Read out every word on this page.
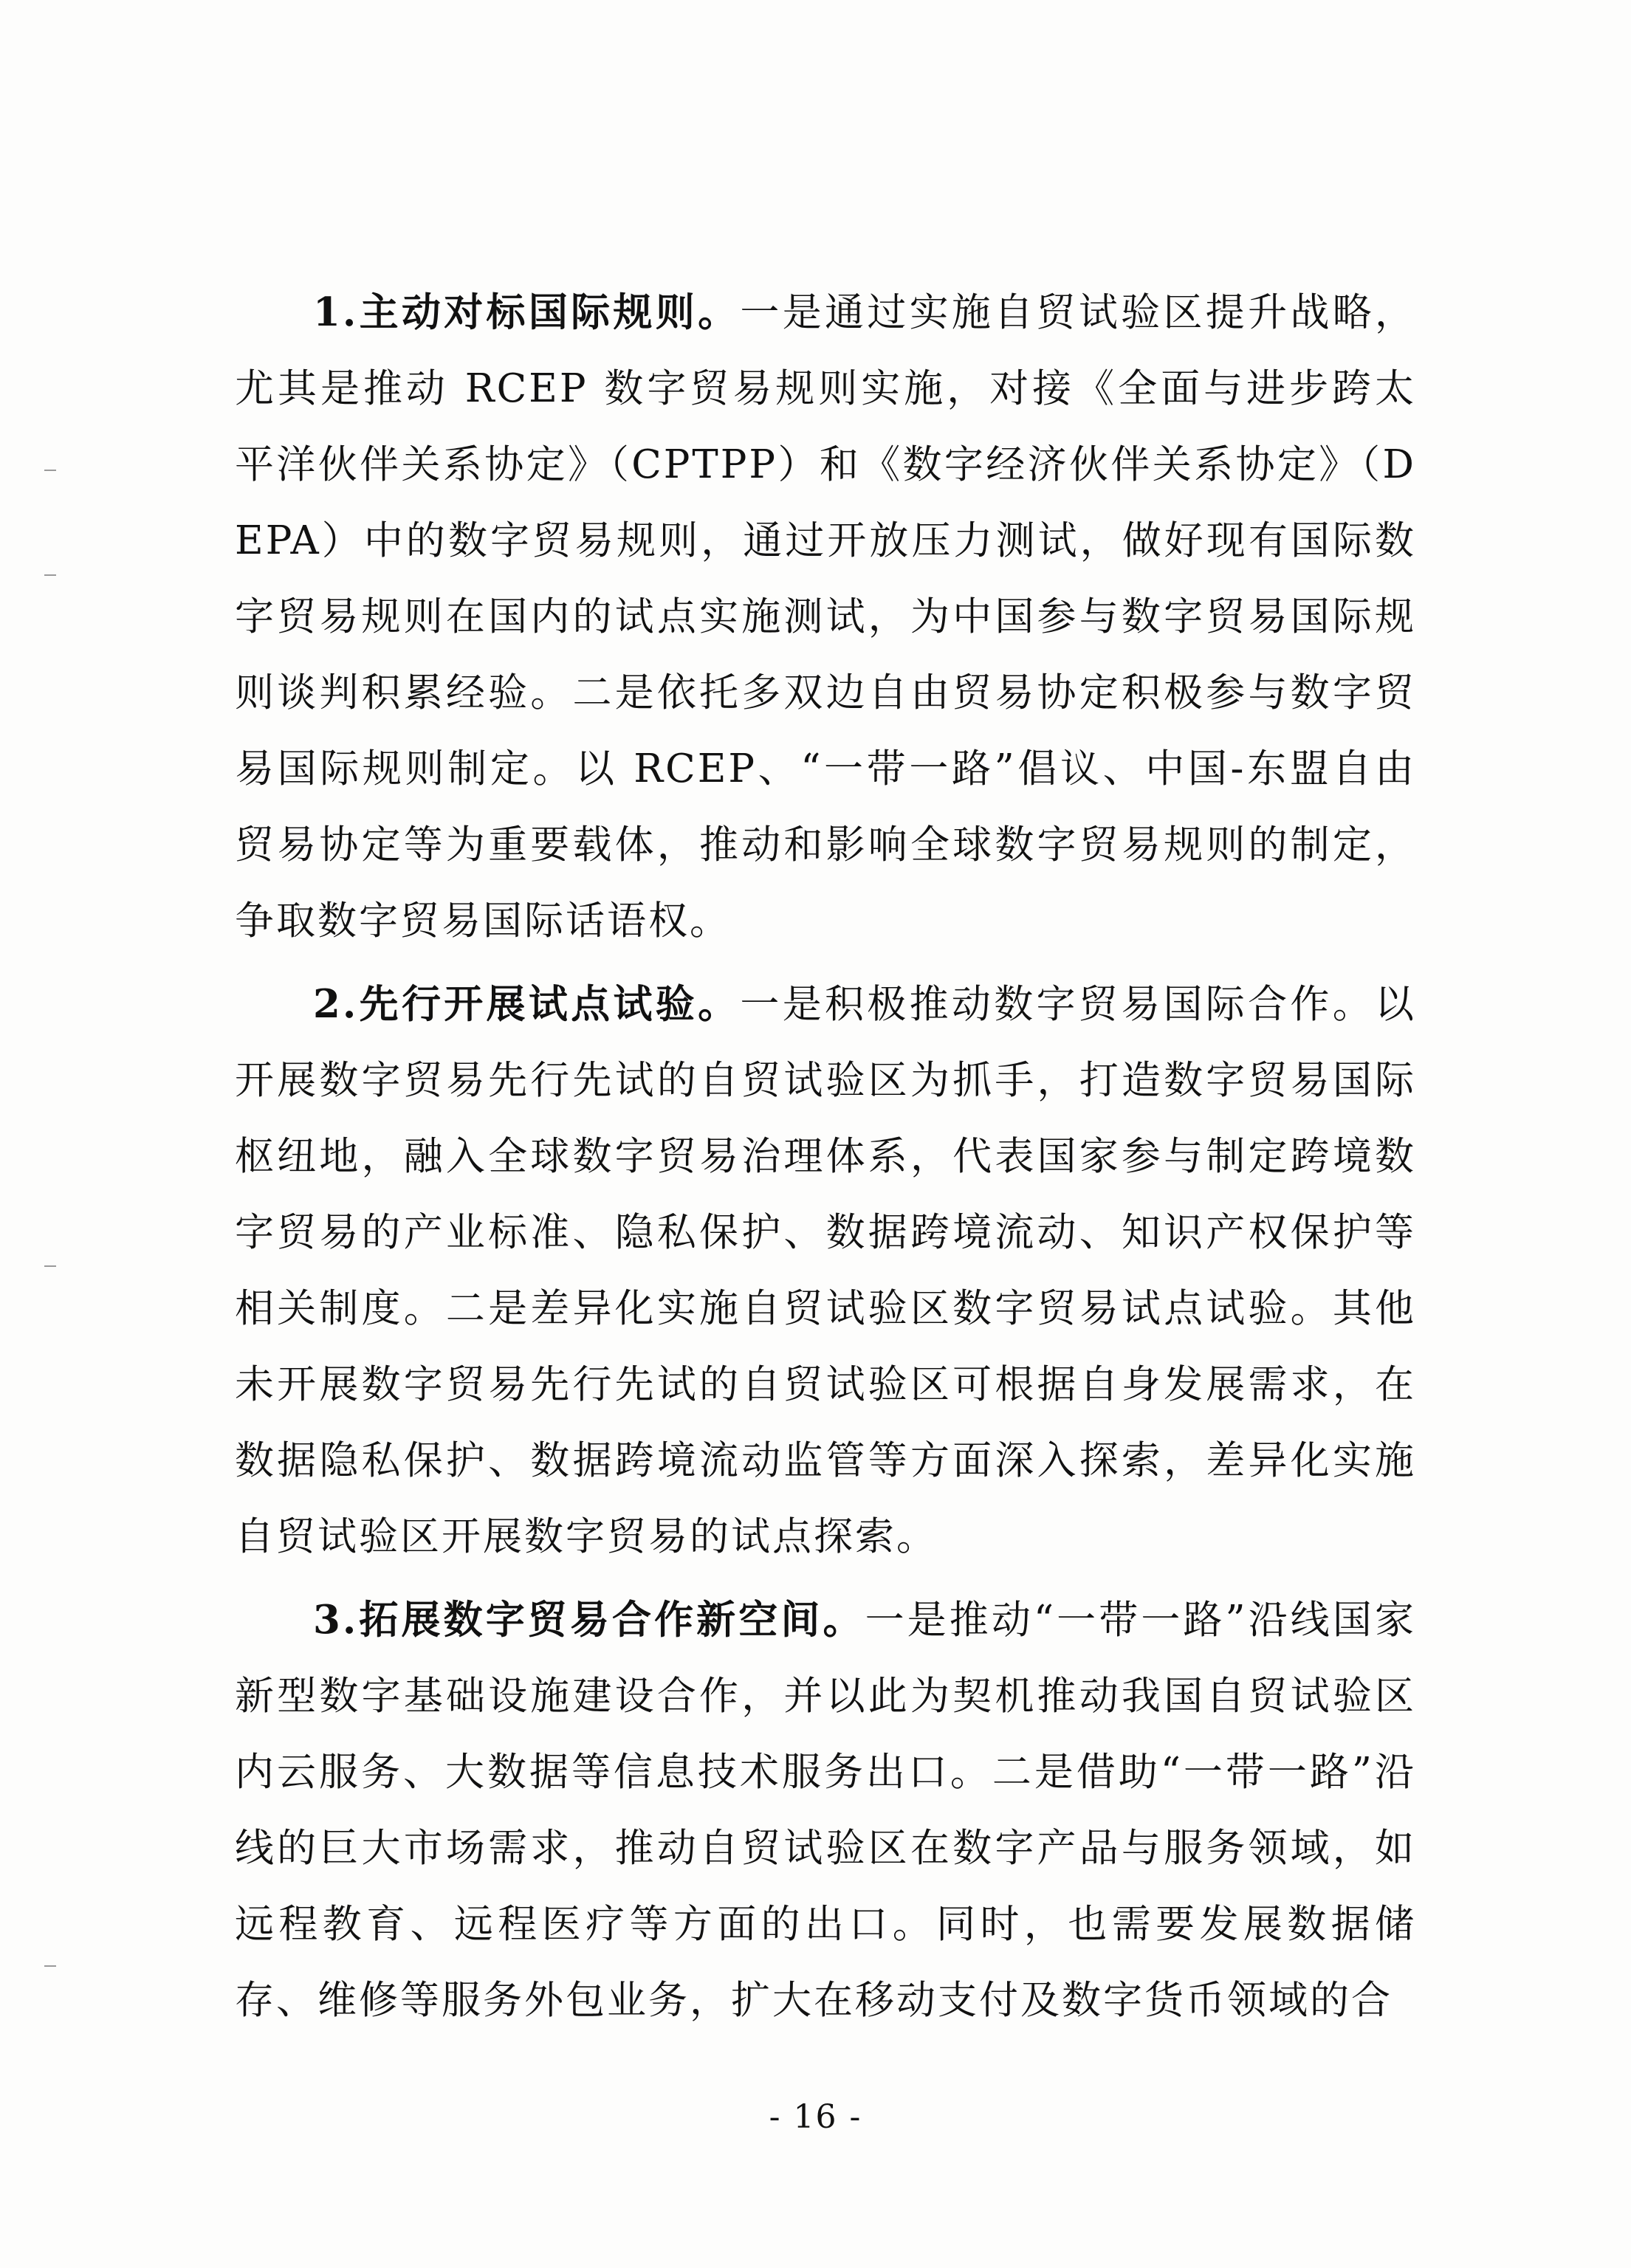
1.主动对标国际规则。一是通过实施自贸试验区提升战略，尤其是推动 RCEP 数字贸易规则实施，对接《全面与进步跨太平洋伙伴关系协定》（CPTPP）和《数字经济伙伴关系协定》（DEPA）中的数字贸易规则，通过开放压力测试，做好现有国际数字贸易规则在国内的试点实施测试，为中国参与数字贸易国际规则谈判积累经验。二是依托多双边自由贸易协定积极参与数字贸易国际规则制定。以 RCEP、“一带一路”倡议、中国-东盟自由贸易协定等为重要载体，推动和影响全球数字贸易规则的制定，争取数字贸易国际话语权。

2.先行开展试点试验。一是积极推动数字贸易国际合作。以开展数字贸易先行先试的自贸试验区为抓手，打造数字贸易国际枢纽地，融入全球数字贸易治理体系，代表国家参与制定跨境数字贸易的产业标准、隐私保护、数据跨境流动、知识产权保护等相关制度。二是差异化实施自贸试验区数字贸易试点试验。其他未开展数字贸易先行先试的自贸试验区可根据自身发展需求，在数据隐私保护、数据跨境流动监管等方面深入探索，差异化实施自贸试验区开展数字贸易的试点探索。

3.拓展数字贸易合作新空间。一是推动“一带一路”沿线国家新型数字基础设施建设合作，并以此为契机推动我国自贸试验区内云服务、大数据等信息技术服务出口。二是借助“一带一路”沿线的巨大市场需求，推动自贸试验区在数字产品与服务领域，如远程教育、远程医疗等方面的出口。同时，也需要发展数据储存、维修等服务外包业务，扩大在移动支付及数字货币领域的合

- 16 -
